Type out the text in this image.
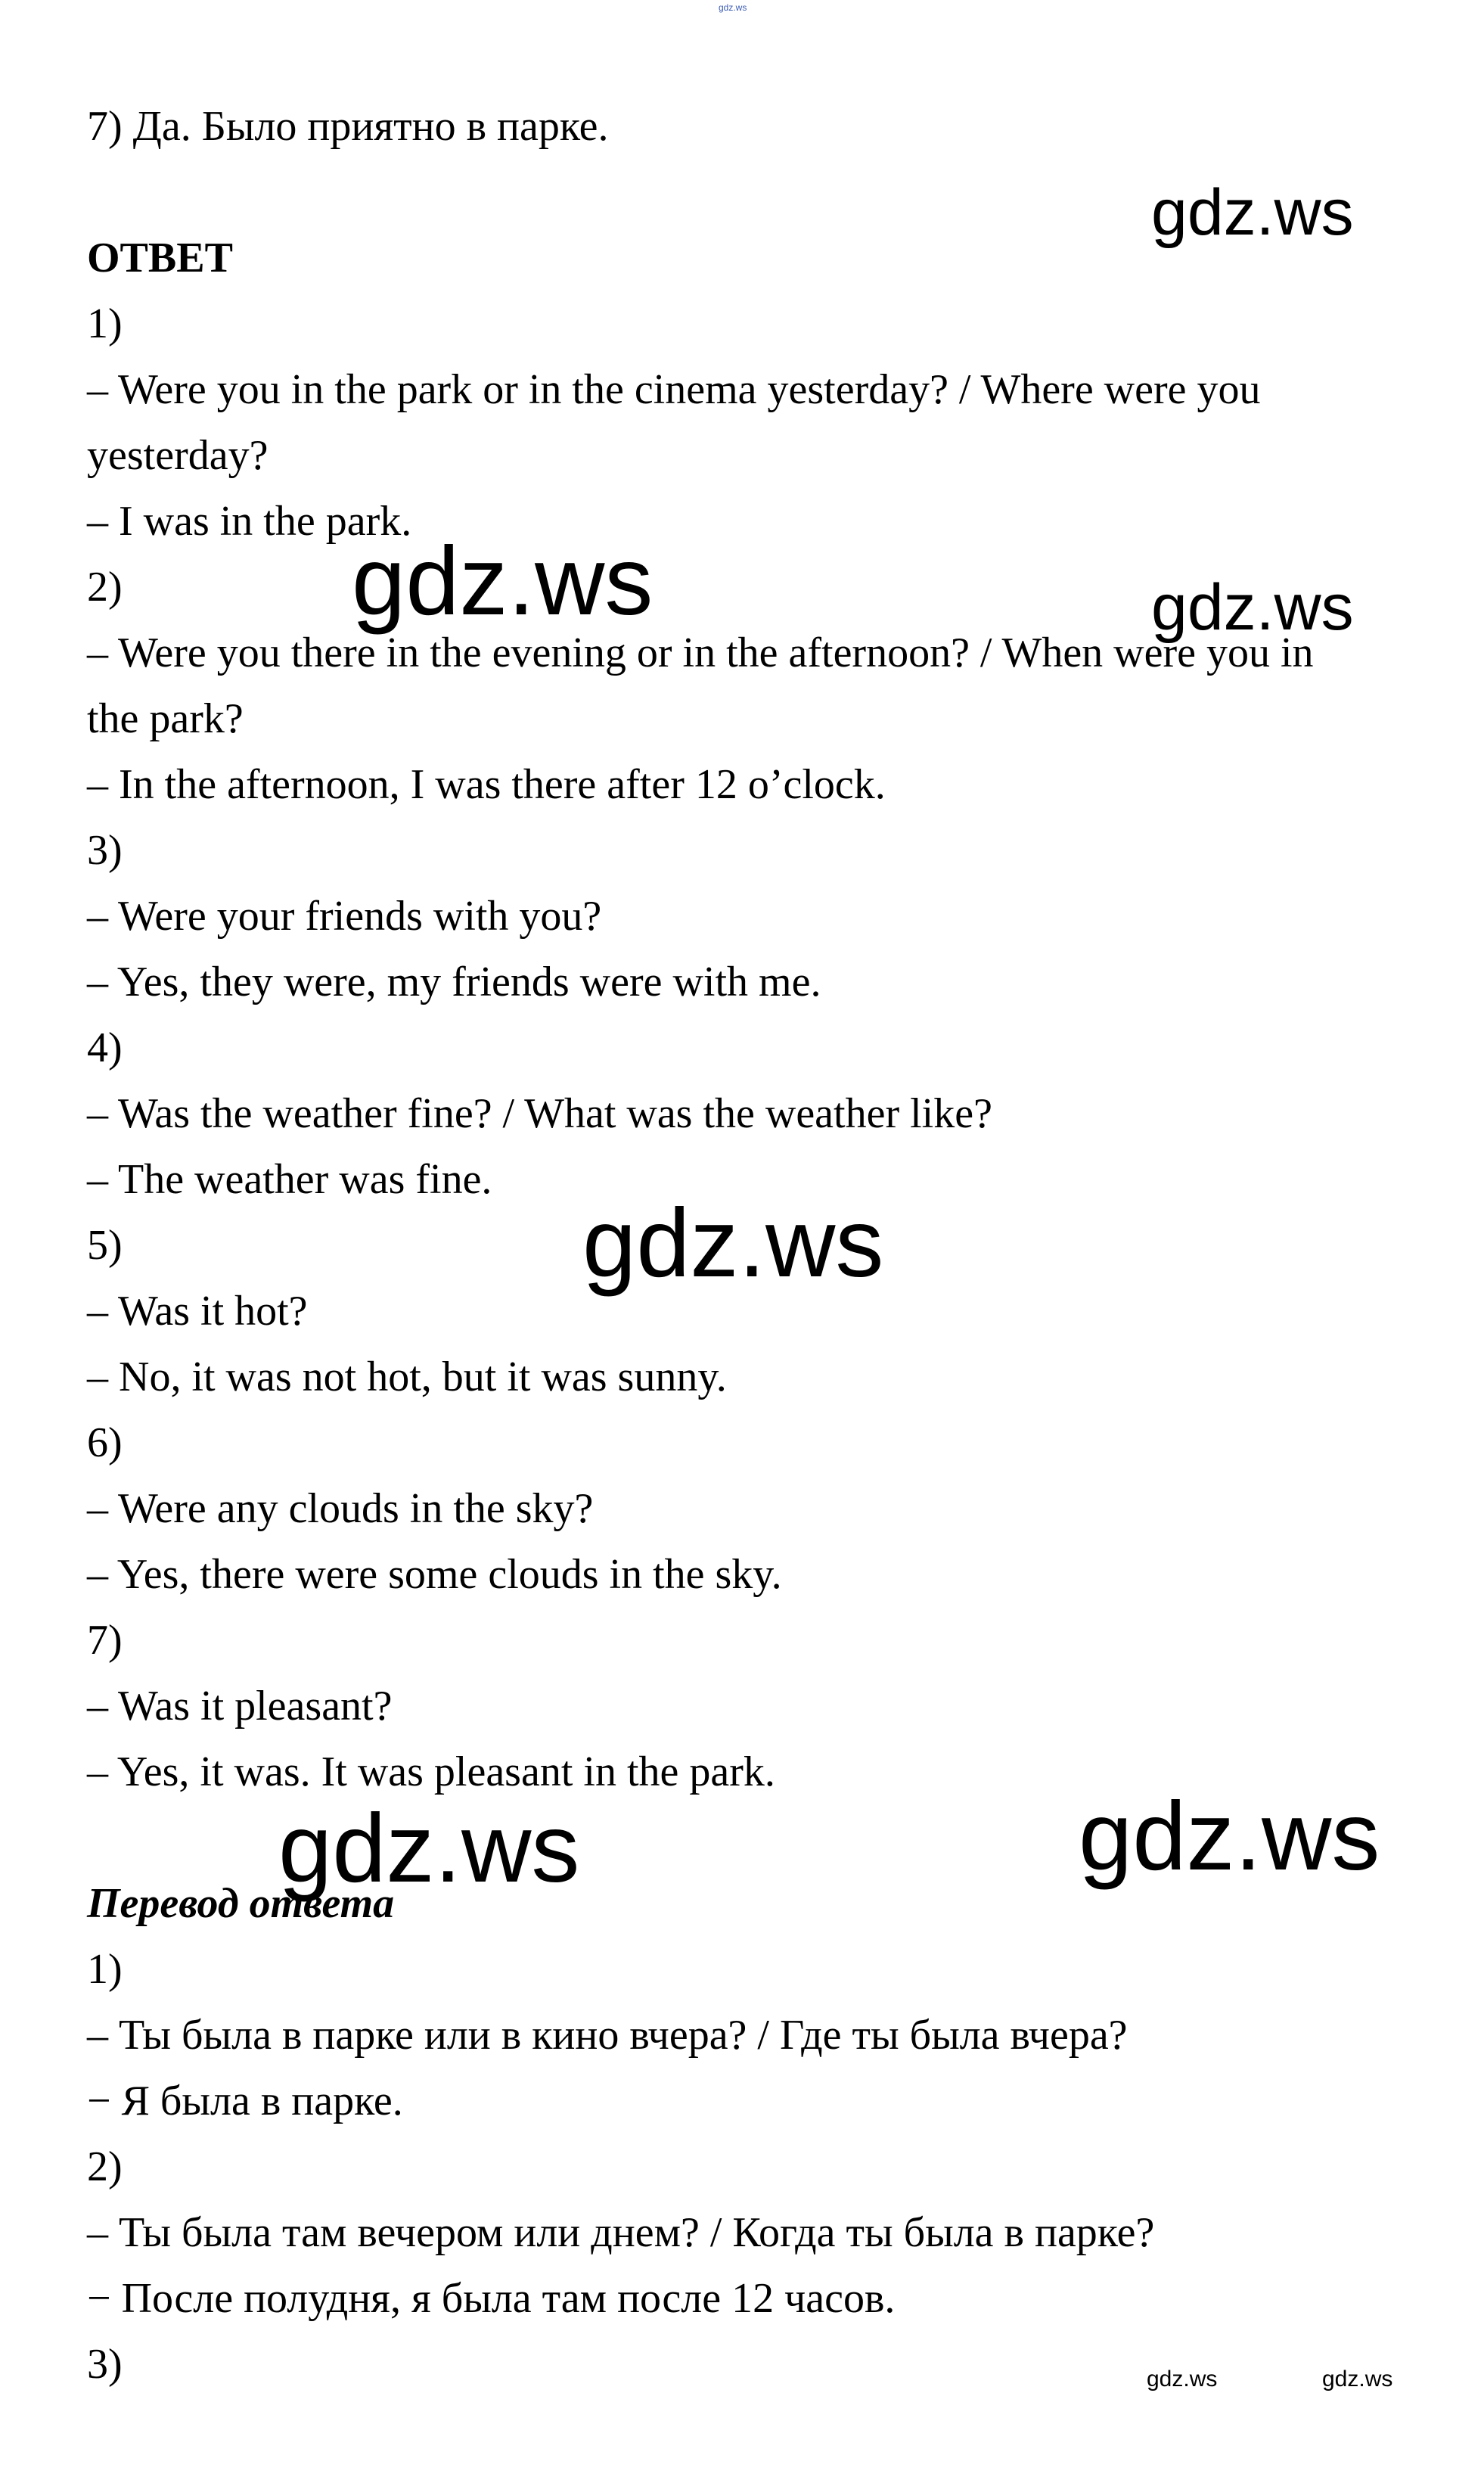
gdz.ws
7) Да. Было приятно в парке.
ОТВЕТ
1)
– Were you in the park or in the cinema yesterday? / Where were you
yesterday?
– I was in the park.
2)
– Were you there in the evening or in the afternoon? / When were you in
the park?
– In the afternoon, I was there after 12 o’clock.
3)
– Were your friends with you?
– Yes, they were, my friends were with me.
4)
– Was the weather fine? / What was the weather like?
– The weather was fine.
5)
– Was it hot?
– No, it was not hot, but it was sunny.
6)
– Were any clouds in the sky?
– Yes, there were some clouds in the sky.
7)
– Was it pleasant?
– Yes, it was. It was pleasant in the park.
Перевод ответа
1)
– Ты была в парке или в кино вчера? / Где ты была вчера?
− Я была в парке.
2)
– Ты была там вечером или днем? / Когда ты была в парке?
− После полудня, я была там после 12 часов.
3)
gdz.ws
gdz.ws	gdz.ws
gdz.ws
gdz.ws	gdz.ws
gdz.ws	gdz.ws
